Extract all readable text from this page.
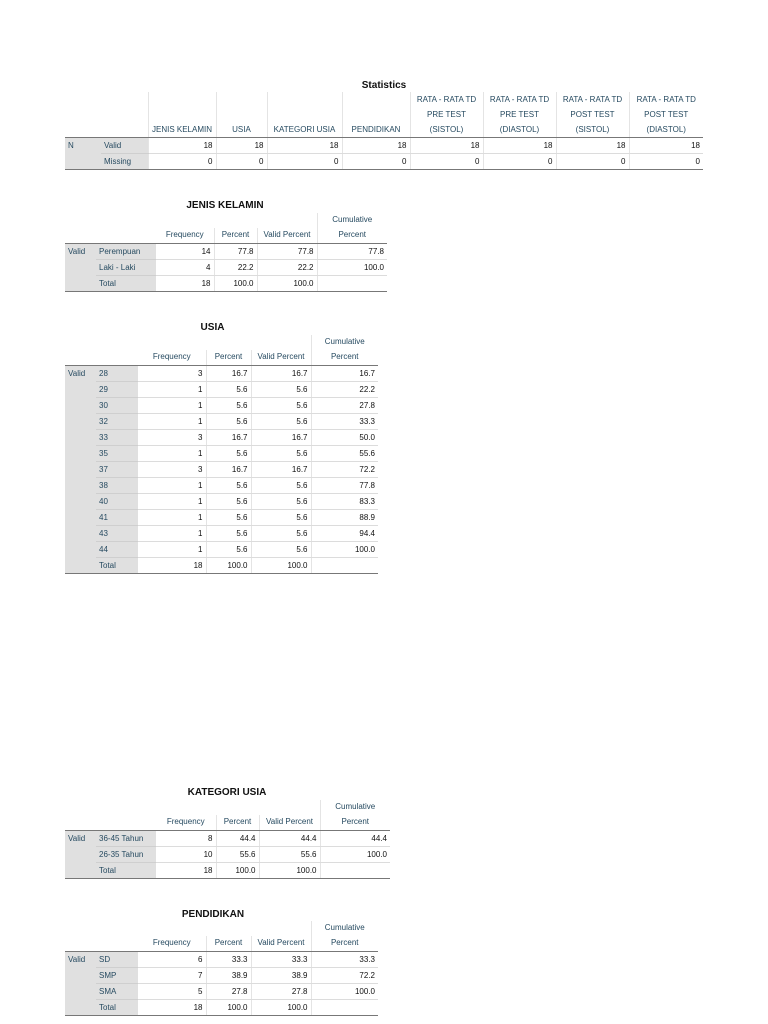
Statistics
						RATA - RATA TD	RATA - RATA TD	RATA - RATA TD	RATA - RATA TD
						PRE TEST	PRE TEST	POST TEST	POST TEST
		JENIS KELAMIN	USIA	KATEGORI USIA	PENDIDIKAN	(SISTOL)	(DIASTOL)	(SISTOL)	(DIASTOL)
N	Valid	18	18	18	18	18	18	18	18
	Missing	0	0	0	0	0	0	0	0
JENIS KELAMIN
					Cumulative
		Frequency	Percent	Valid Percent	Percent
Valid	Perempuan	14	77.8	77.8	77.8
	Laki - Laki	4	22.2	22.2	100.0
	Total	18	100.0	100.0	
USIA
					Cumulative
		Frequency	Percent	Valid Percent	Percent
Valid	28	3	16.7	16.7	16.7
	29	1	5.6	5.6	22.2
	30	1	5.6	5.6	27.8
	32	1	5.6	5.6	33.3
	33	3	16.7	16.7	50.0
	35	1	5.6	5.6	55.6
	37	3	16.7	16.7	72.2
	38	1	5.6	5.6	77.8
	40	1	5.6	5.6	83.3
	41	1	5.6	5.6	88.9
	43	1	5.6	5.6	94.4
	44	1	5.6	5.6	100.0
	Total	18	100.0	100.0	
KATEGORI USIA
					Cumulative
		Frequency	Percent	Valid Percent	Percent
Valid	36-45 Tahun	8	44.4	44.4	44.4
	26-35 Tahun	10	55.6	55.6	100.0
	Total	18	100.0	100.0	
PENDIDIKAN
					Cumulative
		Frequency	Percent	Valid Percent	Percent
Valid	SD	6	33.3	33.3	33.3
	SMP	7	38.9	38.9	72.2
	SMA	5	27.8	27.8	100.0
	Total	18	100.0	100.0	
